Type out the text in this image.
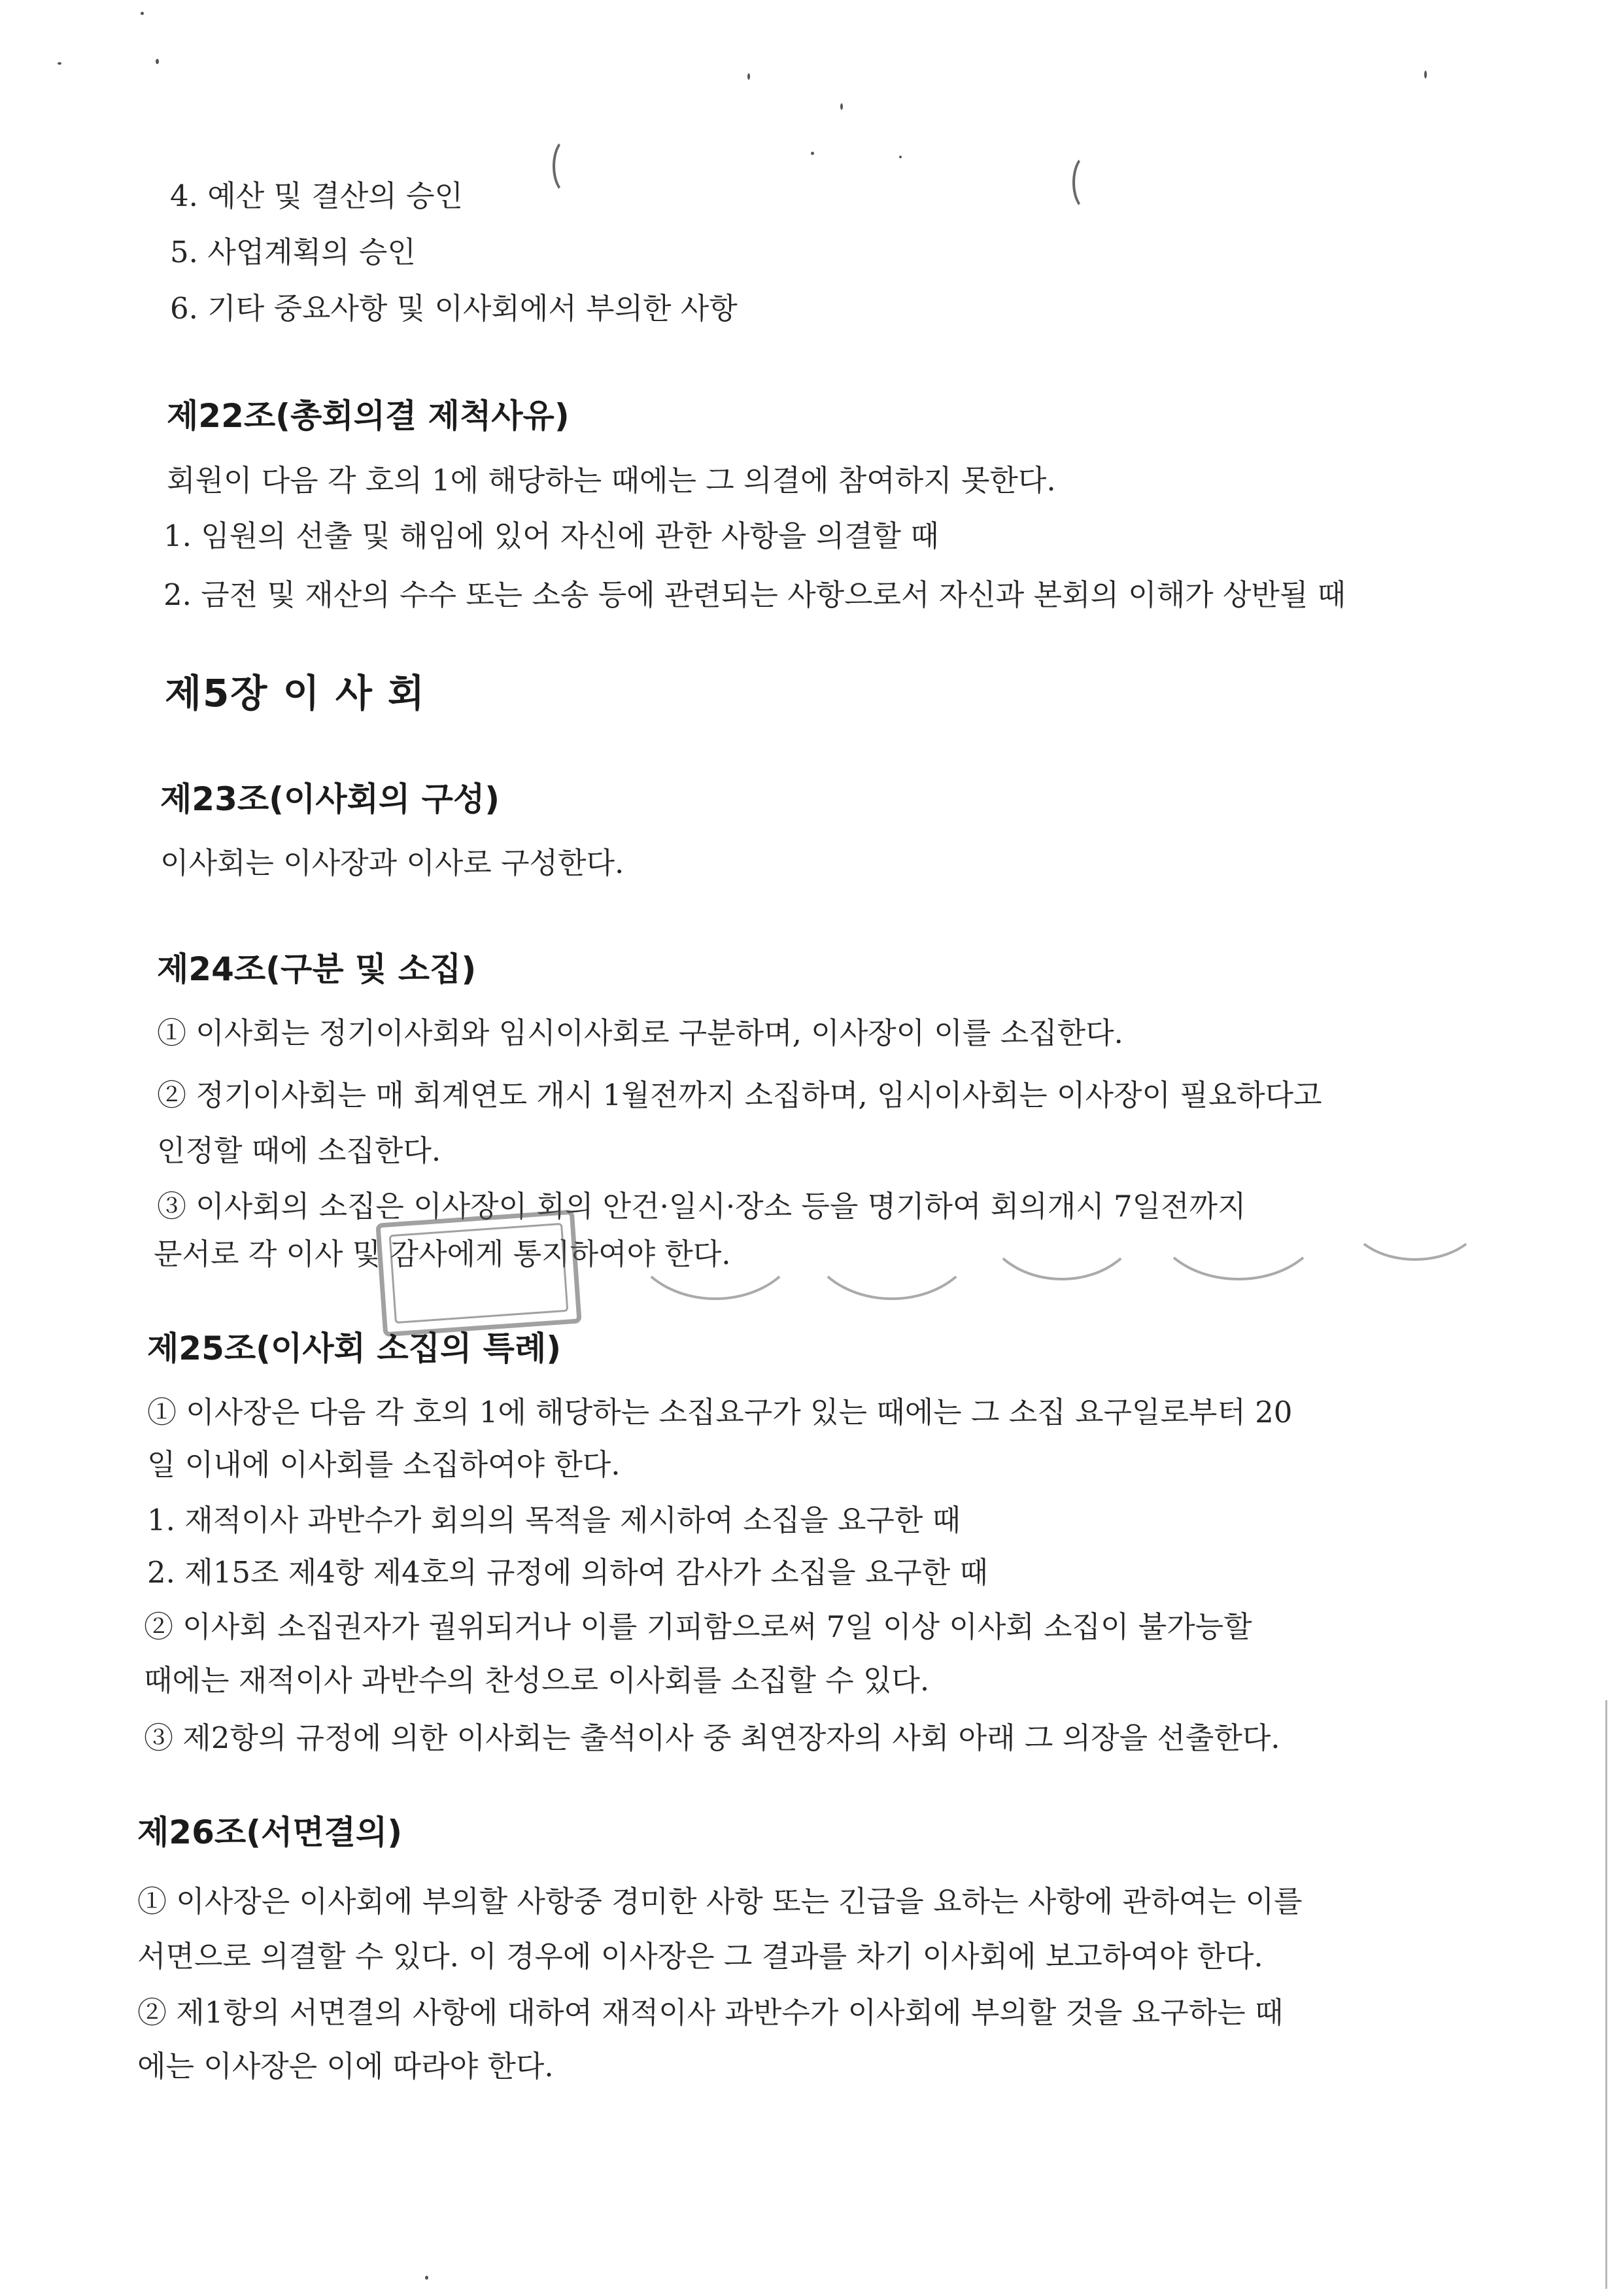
4. 예산 및 결산의 승인
5. 사업계획의 승인
6. 기타 중요사항 및 이사회에서 부의한 사항
제22조(총회의결 제척사유)
회원이 다음 각 호의 1에 해당하는 때에는 그 의결에 참여하지 못한다.
1. 임원의 선출 및 해임에 있어 자신에 관한 사항을 의결할 때
2. 금전 및 재산의 수수 또는 소송 등에 관련되는 사항으로서 자신과 본회의 이해가 상반될 때
제5장 이 사 회
제23조(이사회의 구성)
이사회는 이사장과 이사로 구성한다.
제24조(구분 및 소집)
① 이사회는 정기이사회와 임시이사회로 구분하며, 이사장이 이를 소집한다.
② 정기이사회는 매 회계연도 개시 1월전까지 소집하며, 임시이사회는 이사장이 필요하다고
인정할 때에 소집한다.
③ 이사회의 소집은 이사장이 회의 안건·일시·장소 등을 명기하여 회의개시 7일전까지
문서로 각 이사 및 감사에게 통지하여야 한다.
제25조(이사회 소집의 특례)
① 이사장은 다음 각 호의 1에 해당하는 소집요구가 있는 때에는 그 소집 요구일로부터 20
일 이내에 이사회를 소집하여야 한다.
1. 재적이사 과반수가 회의의 목적을 제시하여 소집을 요구한 때
2. 제15조 제4항 제4호의 규정에 의하여 감사가 소집을 요구한 때
② 이사회 소집권자가 궐위되거나 이를 기피함으로써 7일 이상 이사회 소집이 불가능할
때에는 재적이사 과반수의 찬성으로 이사회를 소집할 수 있다.
③ 제2항의 규정에 의한 이사회는 출석이사 중 최연장자의 사회 아래 그 의장을 선출한다.
제26조(서면결의)
① 이사장은 이사회에 부의할 사항중 경미한 사항 또는 긴급을 요하는 사항에 관하여는 이를
서면으로 의결할 수 있다. 이 경우에 이사장은 그 결과를 차기 이사회에 보고하여야 한다.
② 제1항의 서면결의 사항에 대하여 재적이사 과반수가 이사회에 부의할 것을 요구하는 때
에는 이사장은 이에 따라야 한다.
